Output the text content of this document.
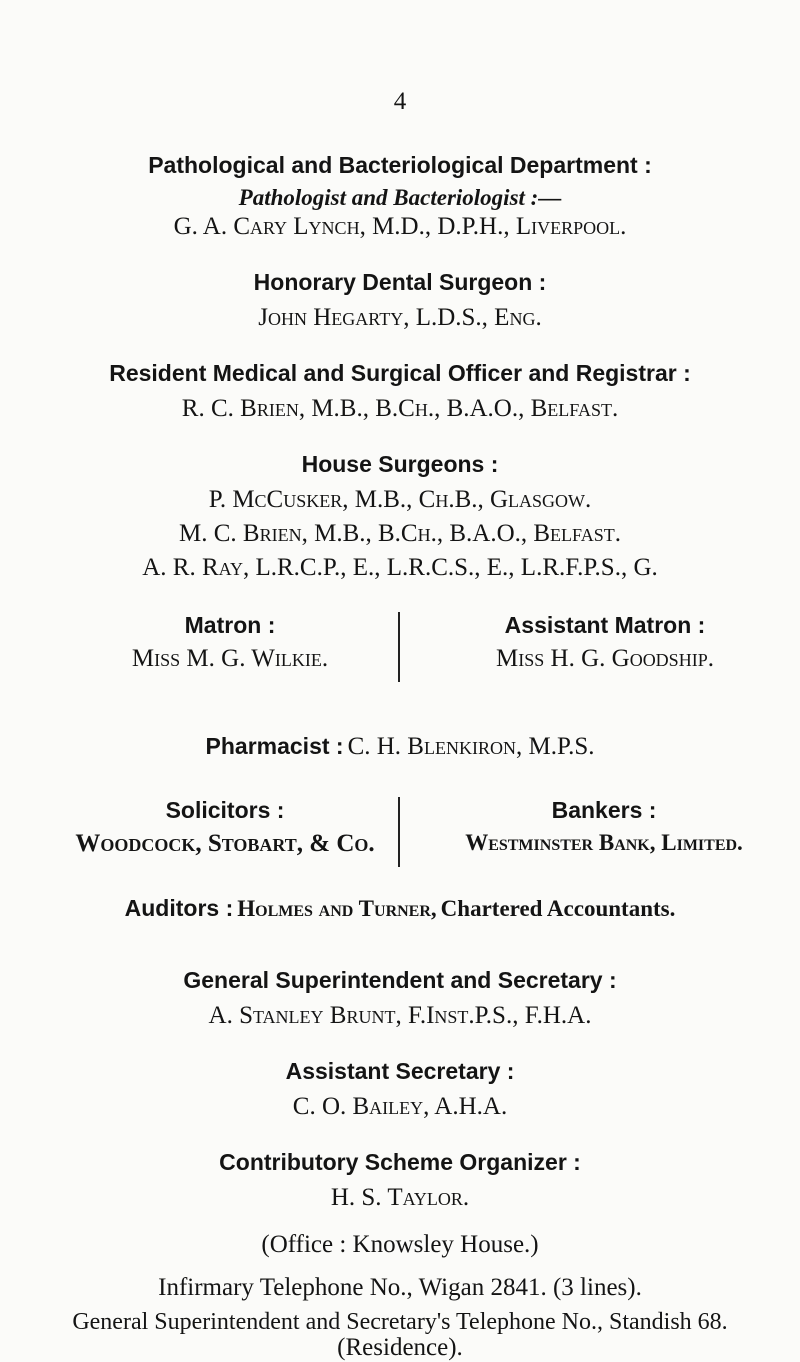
4
Pathological and Bacteriological Department :
Pathologist and Bacteriologist :—
G. A. Cary Lynch, M.D., D.P.H., Liverpool.
Honorary Dental Surgeon :
John Hegarty, L.D.S., Eng.
Resident Medical and Surgical Officer and Registrar :
R. C. Brien, M.B., B.Ch., B.A.O., Belfast.
House Surgeons :
P. McCusker, M.B., Ch.B., Glasgow.
M. C. Brien, M.B., B.Ch., B.A.O., Belfast.
A. R. Ray, L.R.C.P., E., L.R.C.S., E., L.R.F.P.S., G.
Matron :
Miss M. G. Wilkie.
Assistant Matron :
Miss H. G. Goodship.
Pharmacist : C. H. Blenkiron, M.P.S.
Solicitors :
Woodcock, Stobart, & Co.
Bankers :
Westminster Bank, Limited.
Auditors : Holmes and Turner, Chartered Accountants.
General Superintendent and Secretary :
A. Stanley Brunt, F.Inst.P.S., F.H.A.
Assistant Secretary :
C. O. Bailey, A.H.A.
Contributory Scheme Organizer :
H. S. Taylor.
(Office : Knowsley House.)
Infirmary Telephone No., Wigan 2841. (3 lines).
General Superintendent and Secretary's Telephone No., Standish 68.
(Residence).
